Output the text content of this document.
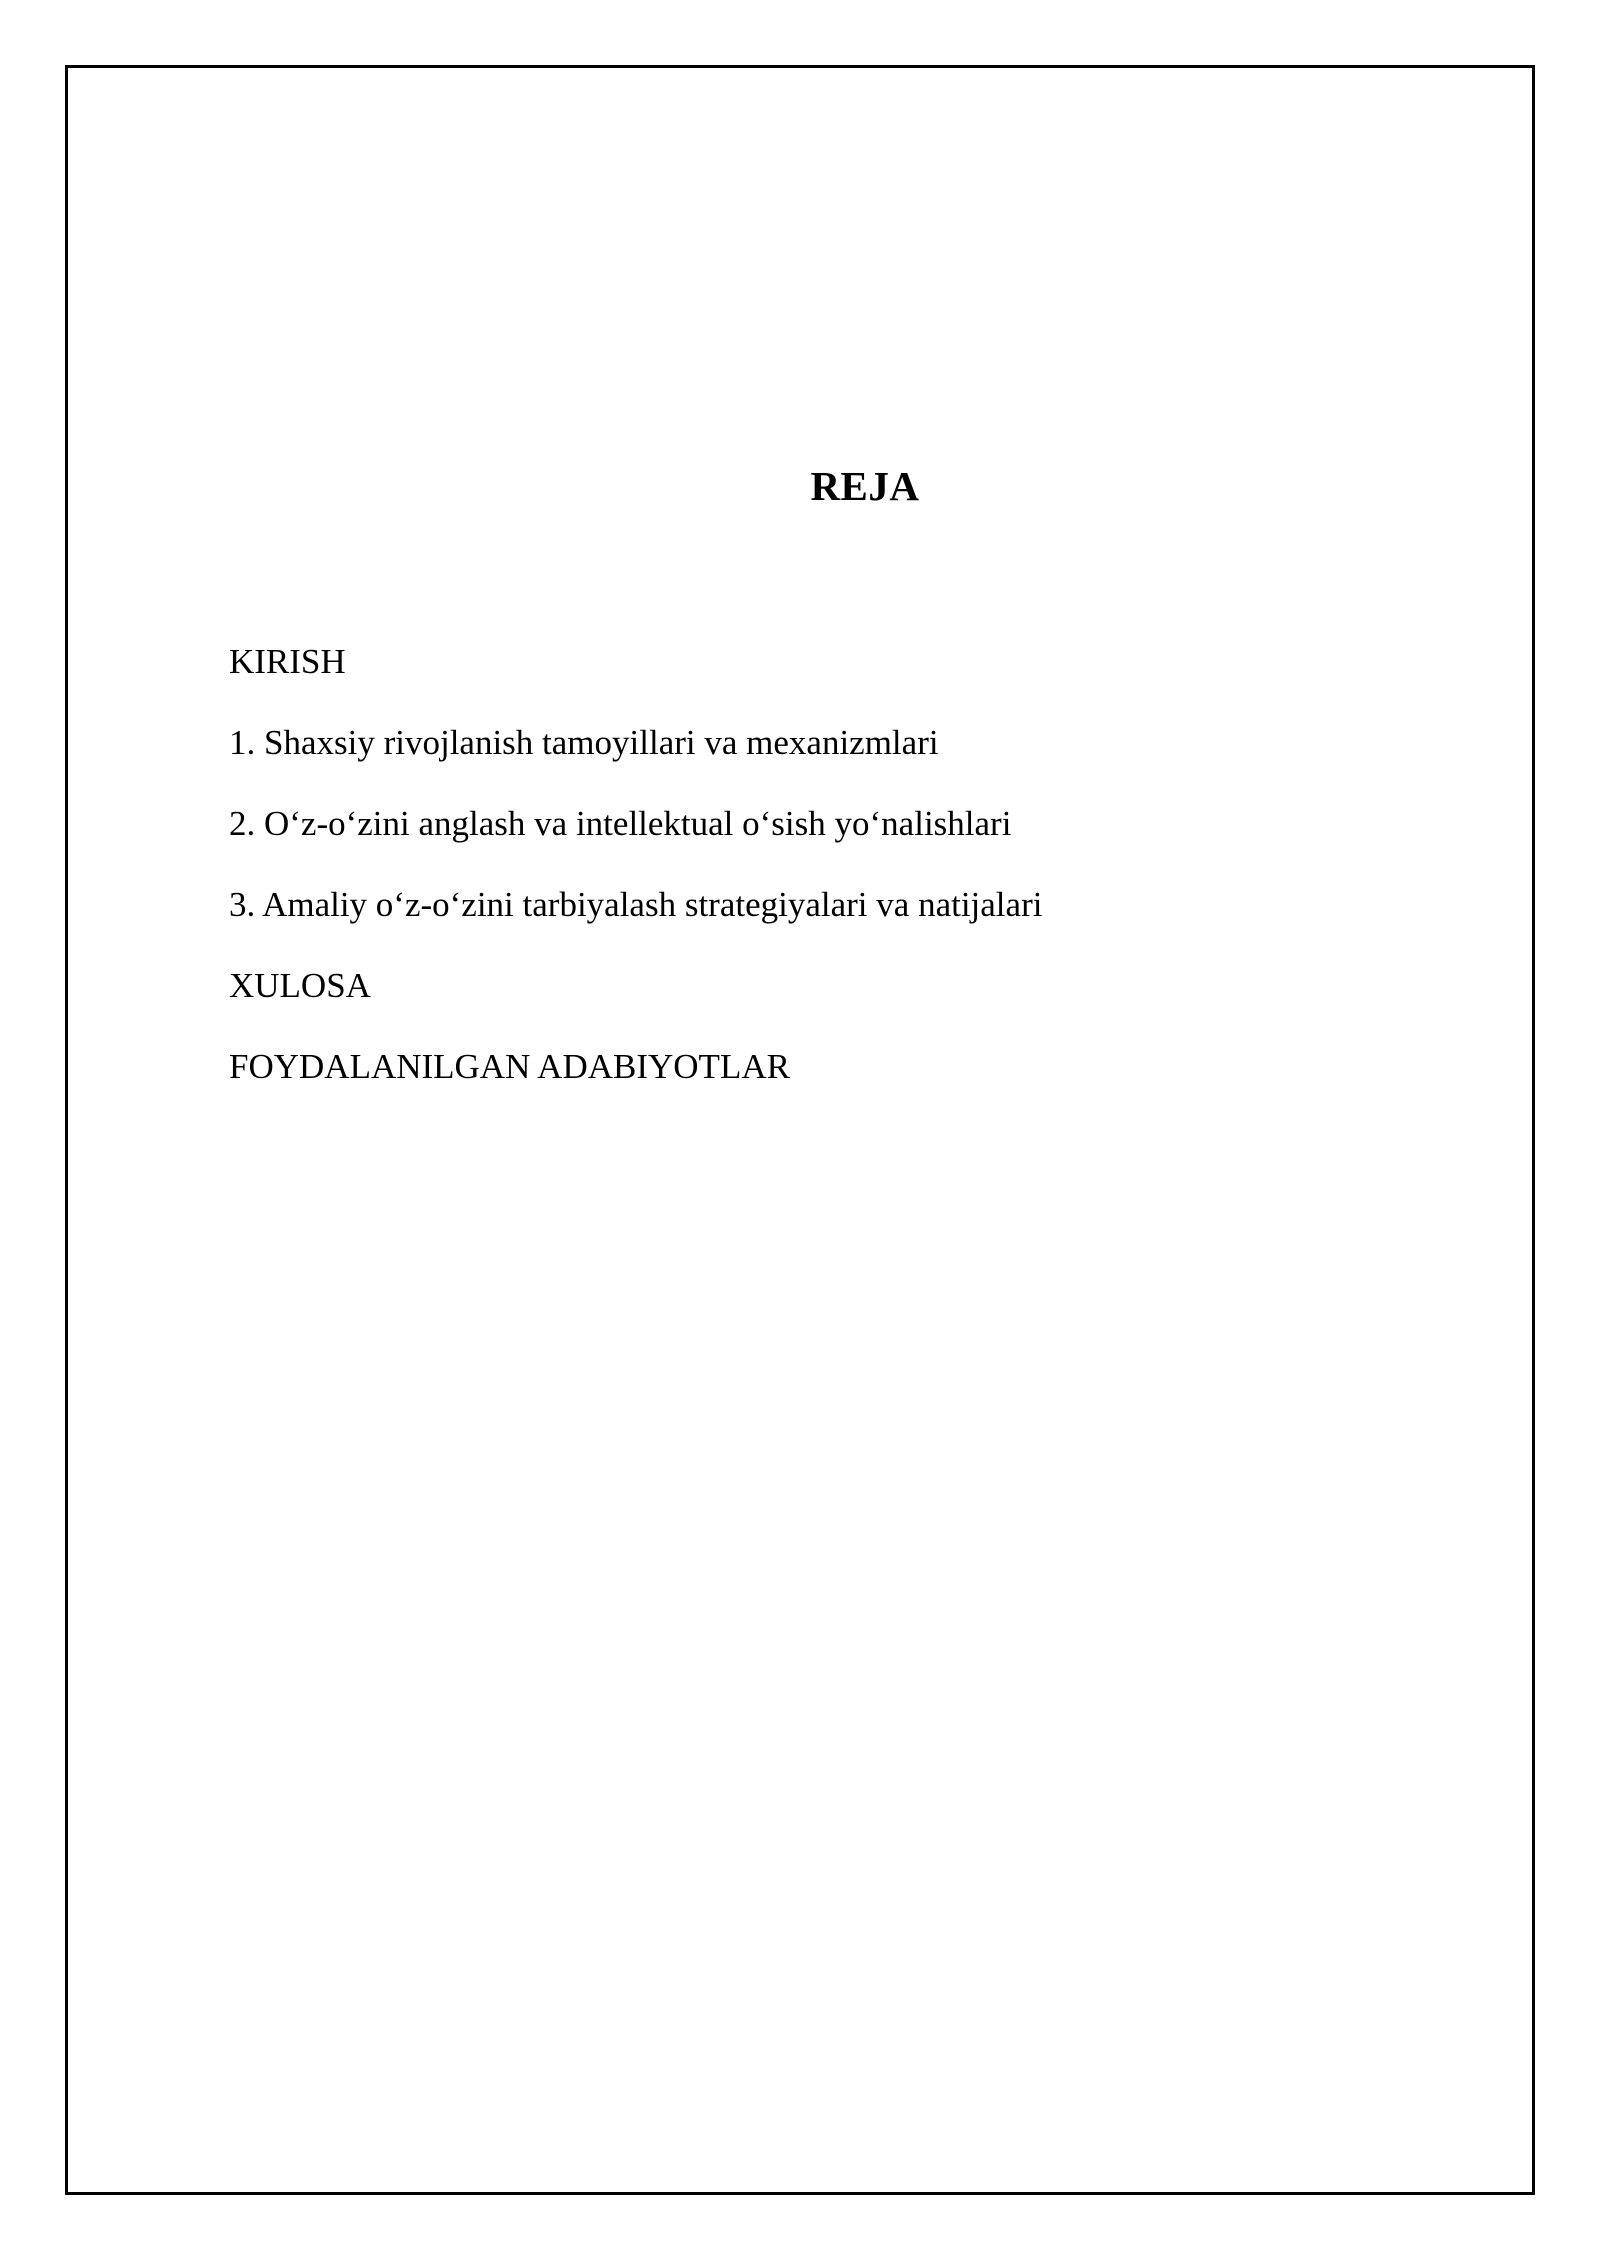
REJA
KIRISH
1. Shaxsiy rivojlanish tamoyillari va mexanizmlari
2. O‘z-o‘zini anglash va intellektual o‘sish yo‘nalishlari
3. Amaliy o‘z-o‘zini tarbiyalash strategiyalari va natijalari
XULOSA
FOYDALANILGAN ADABIYOTLAR
